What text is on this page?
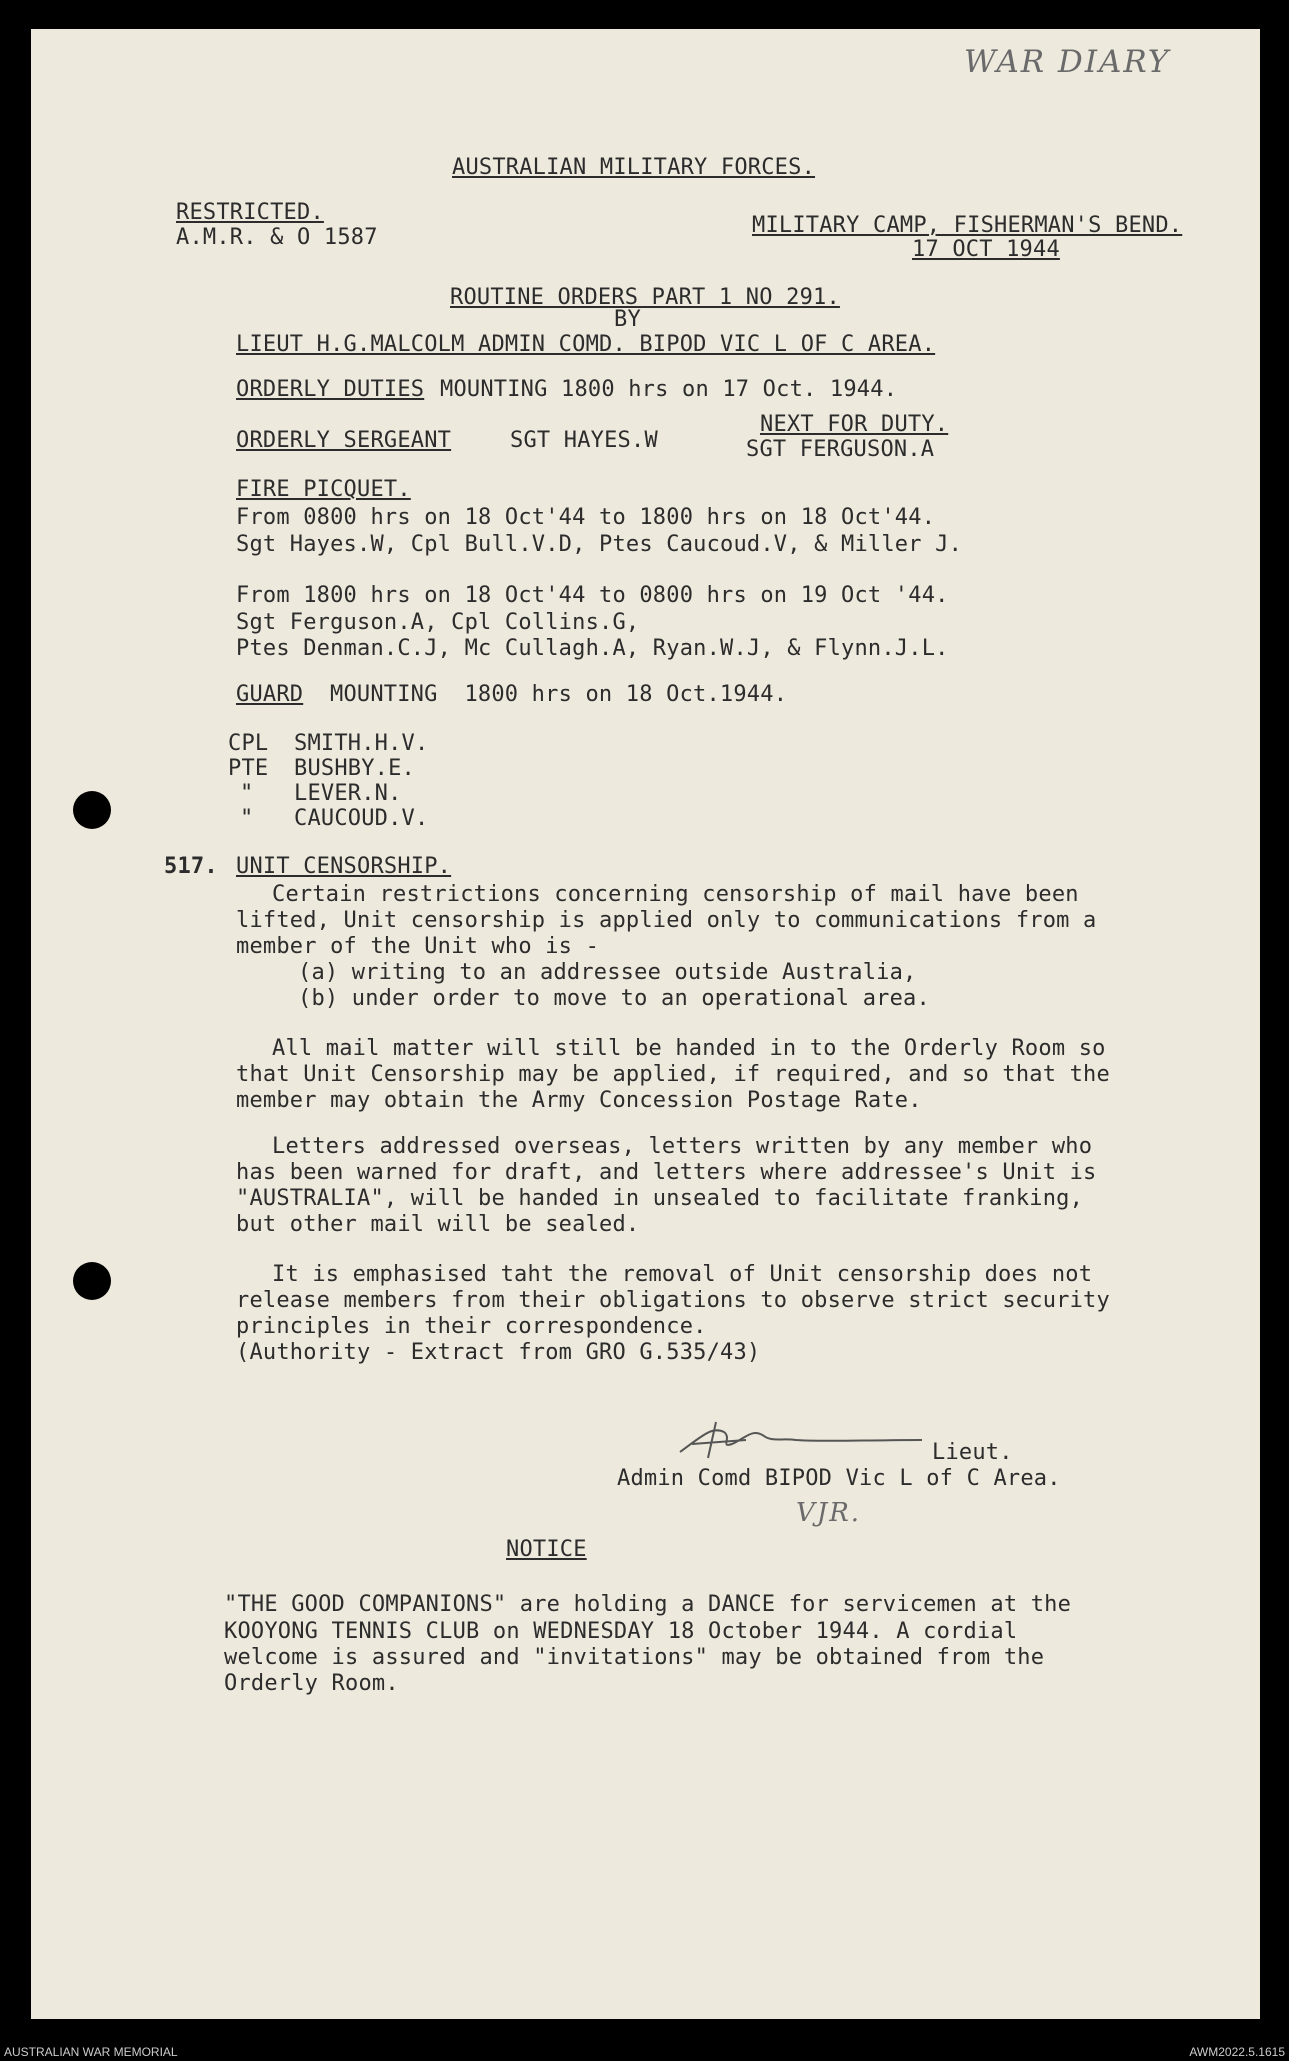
WAR DIARY
AUSTRALIAN MILITARY FORCES.
RESTRICTED.
A.M.R. & O 1587	MILITARY CAMP, FISHERMAN'S BEND.
17 OCT 1944
ROUTINE ORDERS PART 1 NO 291.
BY
LIEUT H.G.MALCOLM ADMIN COMD. BIPOD VIC L OF C AREA.
ORDERLY DUTIES MOUNTING 1800 hrs on 17 Oct. 1944.
ORDERLY SERGEANT	SGT HAYES.W
NEXT FOR DUTY.
SGT FERGUSON.A
FIRE PICQUET.
From 0800 hrs on 18 Oct'44 to 1800 hrs on 18 Oct'44.
Sgt Hayes.W, Cpl Bull.V.D, Ptes Caucoud.V, & Miller J.
From 1800 hrs on 18 Oct'44 to 0800 hrs on 19 Oct '44.
Sgt Ferguson.A, Cpl Collins.G,
Ptes Denman.C.J, Mc Cullagh.A, Ryan.W.J, & Flynn.J.L.
GUARD MOUNTING  1800 hrs on 18 Oct.1944.
CPL SMITH.H.V.
PTE BUSHBY.E.
" LEVER.N.
" CAUCOUD.V.
517. UNIT CENSORSHIP.
Certain restrictions concerning censorship of mail have been
lifted, Unit censorship is applied only to communications from a
member of the Unit who is -
(a) writing to an addressee outside Australia,
(b) under order to move to an operational area.
All mail matter will still be handed in to the Orderly Room so
that Unit Censorship may be applied, if required, and so that the
member may obtain the Army Concession Postage Rate.
Letters addressed overseas, letters written by any member who
has been warned for draft, and letters where addressee's Unit is
"AUSTRALIA", will be handed in unsealed to facilitate franking,
but other mail will be sealed.
It is emphasised taht the removal of Unit censorship does not
release members from their obligations to observe strict security
principles in their correspondence.
(Authority - Extract from GRO G.535/43)
Lieut.
Admin Comd BIPOD Vic L of C Area.
VJR.
NOTICE
"THE GOOD COMPANIONS" are holding a DANCE for servicemen at the
KOOYONG TENNIS CLUB on WEDNESDAY 18 October 1944. A cordial
welcome is assured and "invitations" may be obtained from the
Orderly Room.
AUSTRALIAN WAR MEMORIAL	AWM2022.5.1615
